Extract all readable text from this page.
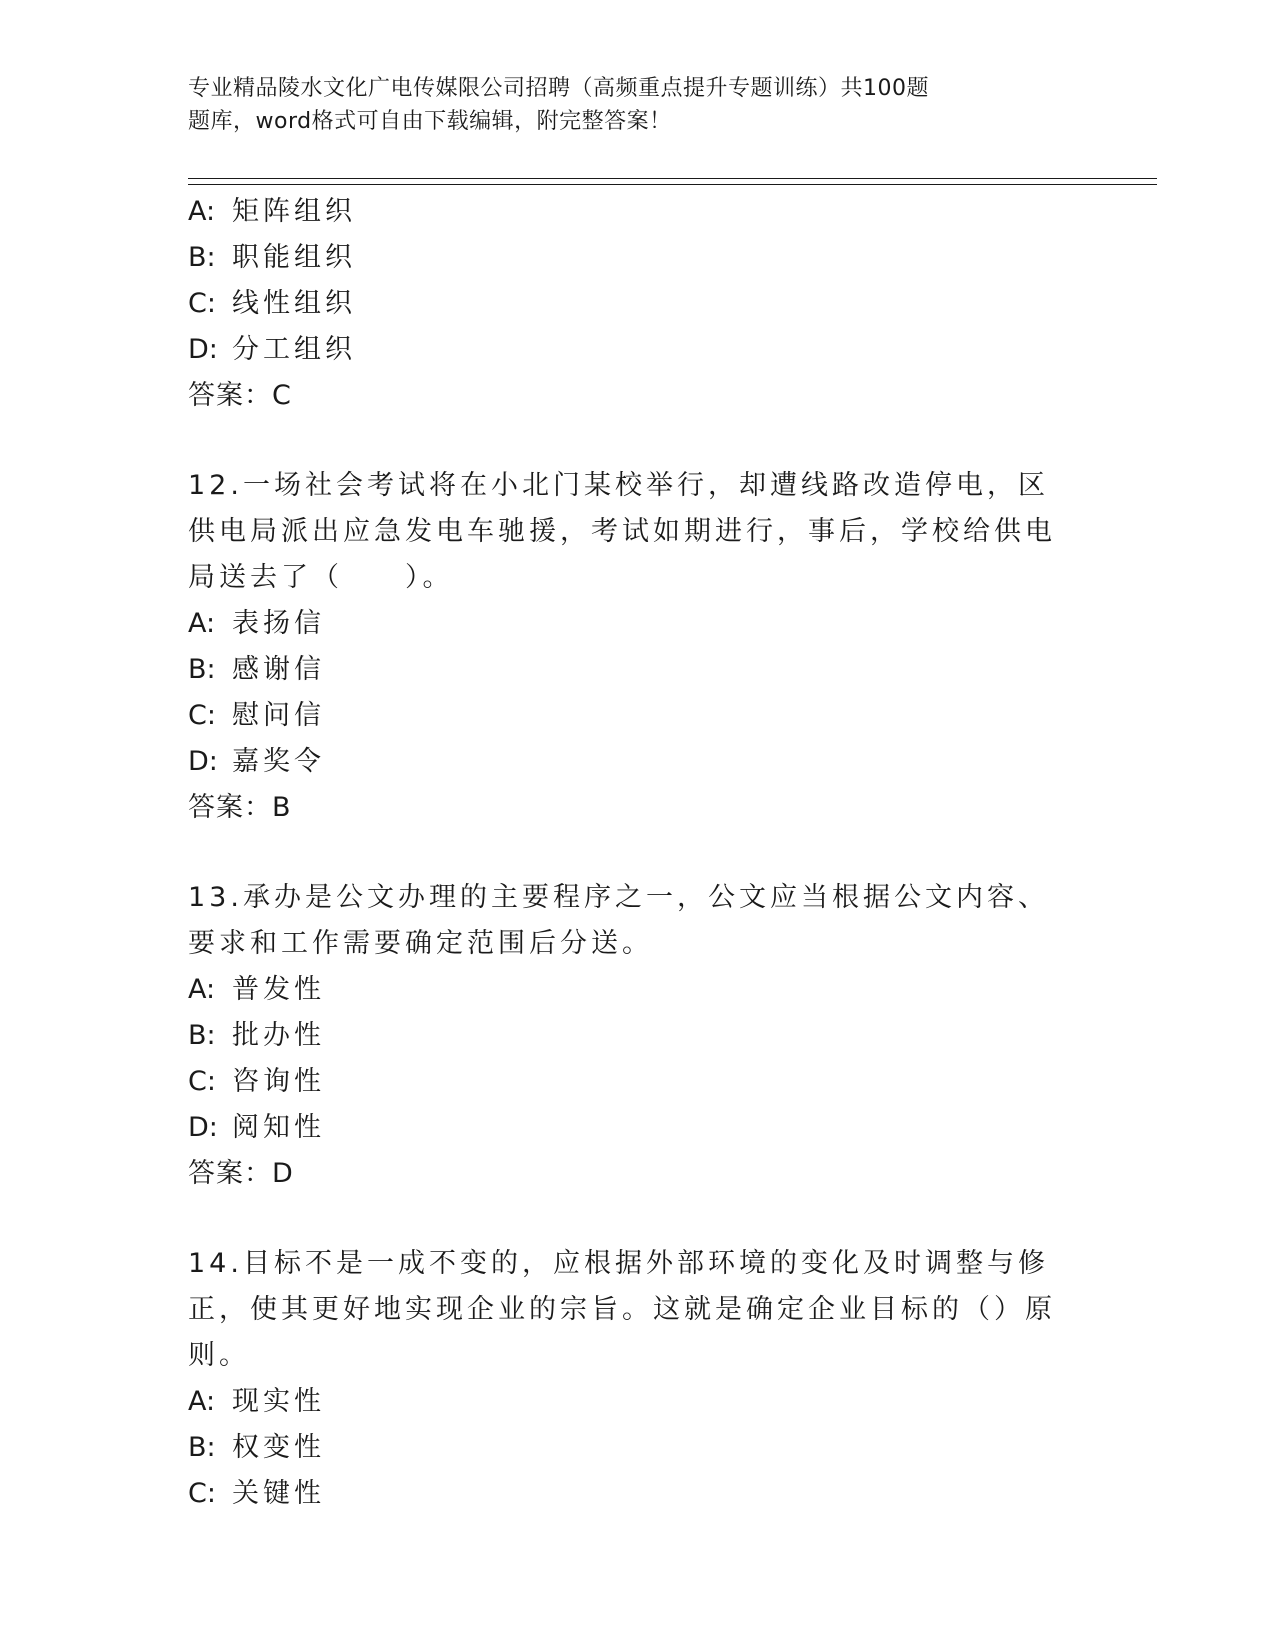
专业精品陵水文化广电传媒限公司招聘（高频重点提升专题训练）共100题
题库，word格式可自由下载编辑，附完整答案！
A: 矩阵组织
B: 职能组织
C: 线性组织
D: 分工组织
答案：C
12.一场社会考试将在小北门某校举行，却遭线路改造停电，区供电局派出应急发电车驰援，考试如期进行，事后，学校给供电局送去了（　　）。
A: 表扬信
B: 感谢信
C: 慰问信
D: 嘉奖令
答案：B
13.承办是公文办理的主要程序之一，公文应当根据公文内容、要求和工作需要确定范围后分送。
A: 普发性
B: 批办性
C: 咨询性
D: 阅知性
答案：D
14.目标不是一成不变的，应根据外部环境的变化及时调整与修正，使其更好地实现企业的宗旨。这就是确定企业目标的（）原则。
A: 现实性
B: 权变性
C: 关键性
